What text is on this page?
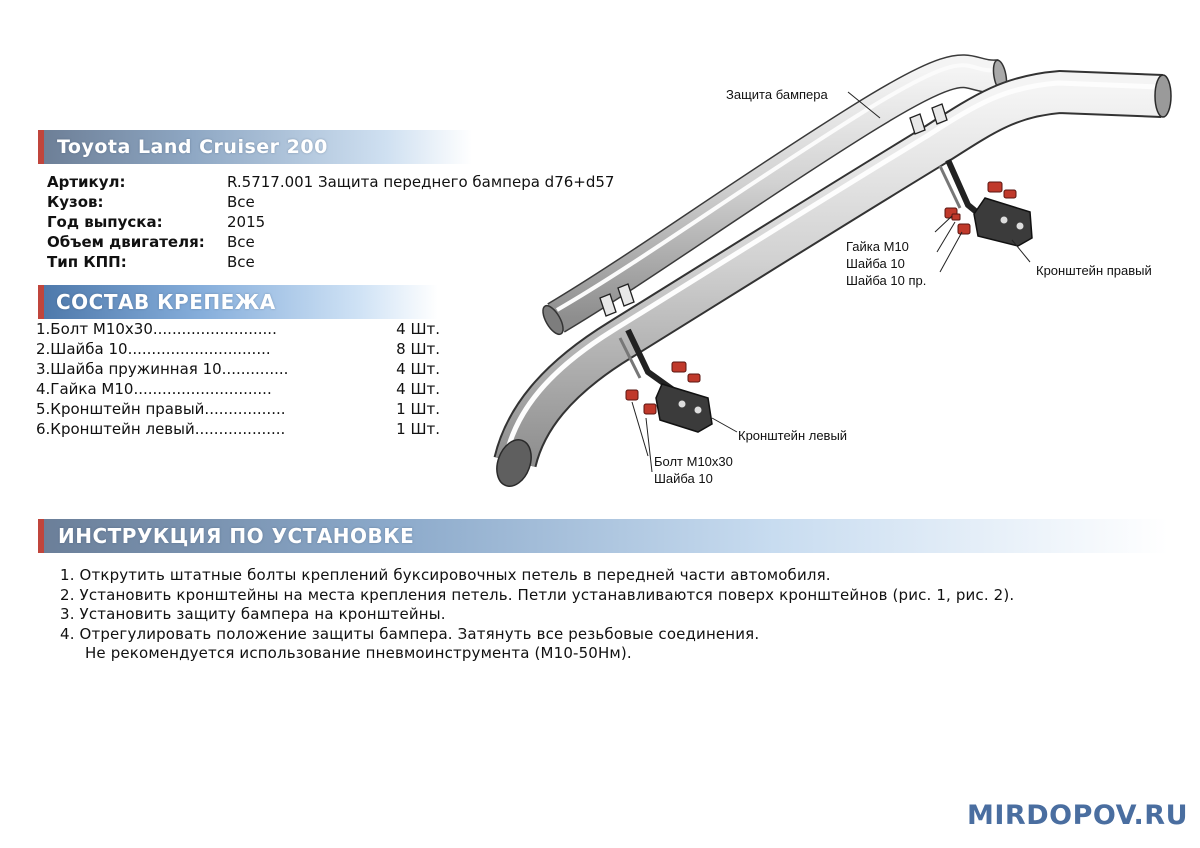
Toyota Land Cruiser 200
Артикул:	R.5717.001 Защита переднего бампера d76+d57
Кузов:	Все
Год выпуска:	2015
Объем двигателя:	Все
Тип КПП:	Все
СОСТАВ КРЕПЕЖА
1.Болт М10х30..........................	4 Шт.
2.Шайба 10..............................	8 Шт.
3.Шайба пружинная 10..............	4 Шт.
4.Гайка М10.............................	4 Шт.
5.Кронштейн правый.................	1 Шт.
6.Кронштейн левый...................	1 Шт.
Защита бампера
Гайка М10
Шайба 10
Шайба 10 пр.
Кронштейн правый
Кронштейн левый
Болт М10х30
Шайба 10
ИНСТРУКЦИЯ ПО УСТАНОВКЕ
1. Открутить штатные болты креплений буксировочных петель в передней части автомобиля.
2. Установить кронштейны на места крепления петель. Петли устанавливаются поверх кронштейнов (рис. 1, рис. 2).
3. Установить защиту бампера на кронштейны.
4. Отрегулировать положение защиты бампера. Затянуть все резьбовые соединения.
Не рекомендуется использование пневмоинструмента (М10-50Нм).
MIRDOPOV.RU
